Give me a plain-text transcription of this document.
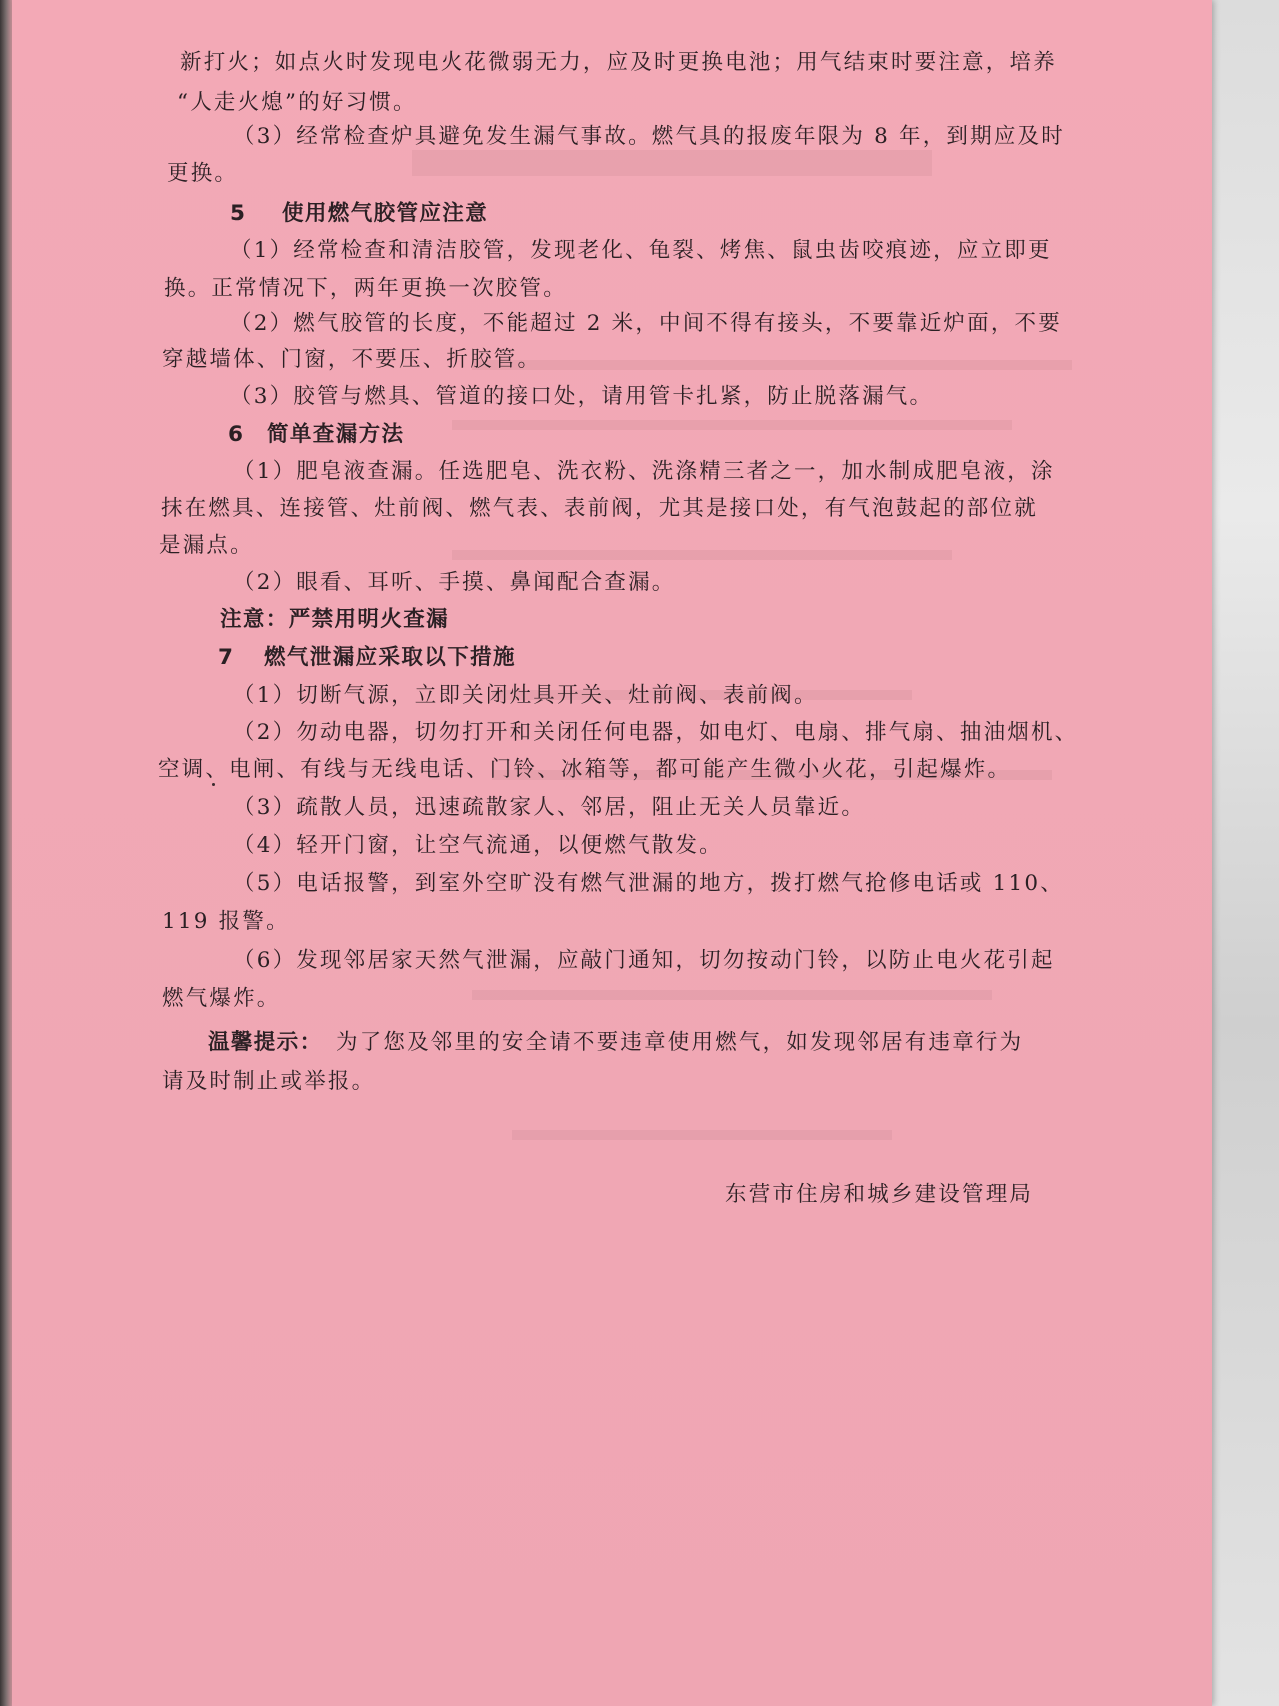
新打火；如点火时发现电火花微弱无力，应及时更换电池；用气结束时要注意，培养
“人走火熄”的好习惯。
（3）经常检查炉具避免发生漏气事故。燃气具的报废年限为 8 年，到期应及时
更换。
5 使用燃气胶管应注意
（1）经常检查和清洁胶管，发现老化、龟裂、烤焦、鼠虫齿咬痕迹，应立即更
换。正常情况下，两年更换一次胶管。
（2）燃气胶管的长度，不能超过 2 米，中间不得有接头，不要靠近炉面，不要
穿越墙体、门窗，不要压、折胶管。
（3）胶管与燃具、管道的接口处，请用管卡扎紧，防止脱落漏气。
6 简单查漏方法
（1）肥皂液查漏。任选肥皂、洗衣粉、洗涤精三者之一，加水制成肥皂液，涂
抹在燃具、连接管、灶前阀、燃气表、表前阀，尤其是接口处，有气泡鼓起的部位就
是漏点。
（2）眼看、耳听、手摸、鼻闻配合查漏。
注意：严禁用明火查漏
7 燃气泄漏应采取以下措施
（1）切断气源，立即关闭灶具开关、灶前阀、表前阀。
（2）勿动电器，切勿打开和关闭任何电器，如电灯、电扇、排气扇、抽油烟机、
空调、电闸、有线与无线电话、门铃、冰箱等，都可能产生微小火花，引起爆炸。
（3）疏散人员，迅速疏散家人、邻居，阻止无关人员靠近。
（4）轻开门窗，让空气流通，以便燃气散发。
（5）电话报警，到室外空旷没有燃气泄漏的地方，拨打燃气抢修电话或 110、
119 报警。
（6）发现邻居家天然气泄漏，应敲门通知，切勿按动门铃，以防止电火花引起
燃气爆炸。
温馨提示： 为了您及邻里的安全请不要违章使用燃气，如发现邻居有违章行为
请及时制止或举报。
东营市住房和城乡建设管理局
